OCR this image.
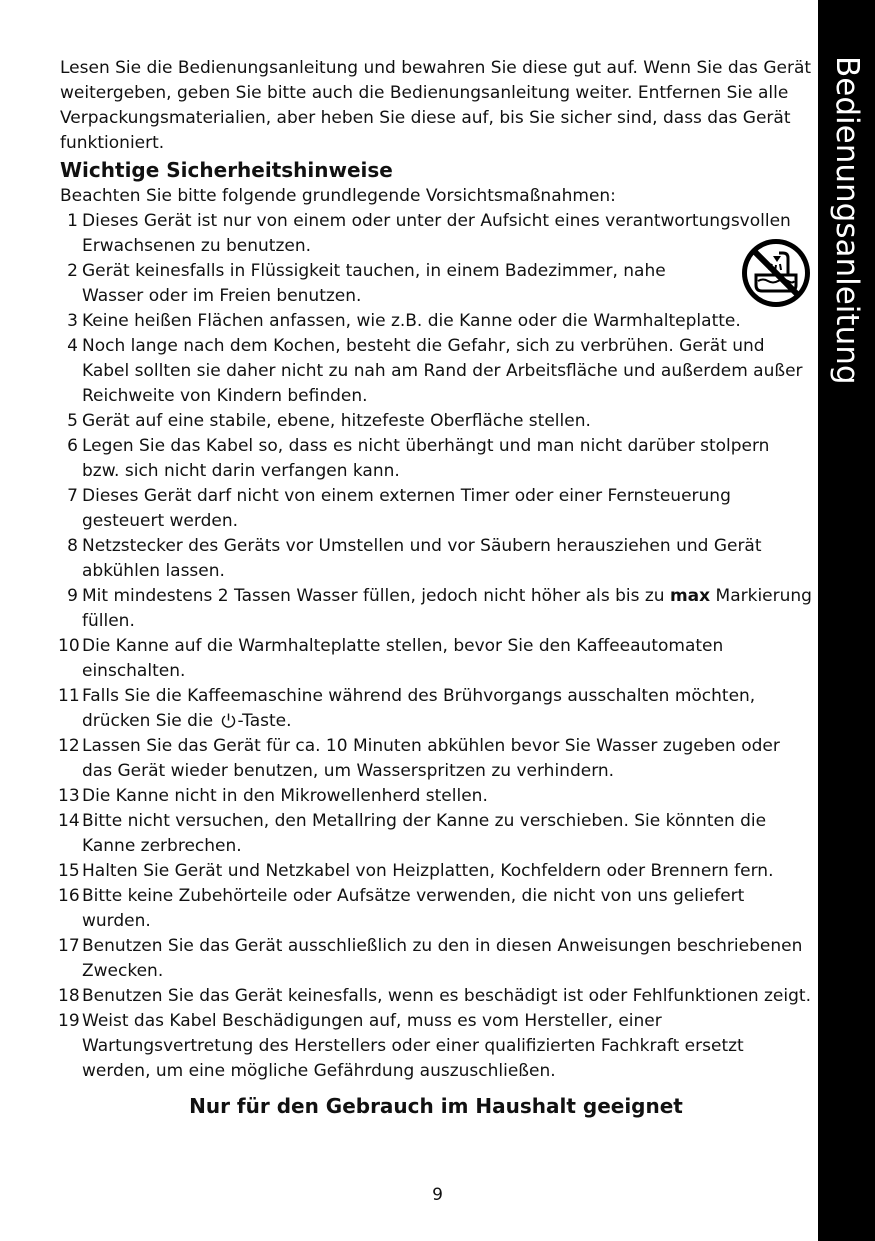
Bedienungsanleitung

Lesen Sie die Bedienungsanleitung und bewahren Sie diese gut auf. Wenn Sie das Gerät weitergeben, geben Sie bitte auch die Bedienungsanleitung weiter. Entfernen Sie alle Verpackungsmaterialien, aber heben Sie diese auf, bis Sie sicher sind, dass das Gerät funktioniert.

Wichtige Sicherheitshinweise

Beachten Sie bitte folgende grundlegende Vorsichtsmaßnahmen:

1 Dieses Gerät ist nur von einem oder unter der Aufsicht eines verantwortungsvollen Erwachsenen zu benutzen.
2 Gerät keinesfalls in Flüssigkeit tauchen, in einem Badezimmer, nahe Wasser oder im Freien benutzen.
3 Keine heißen Flächen anfassen, wie z.B. die Kanne oder die Warmhalteplatte.
4 Noch lange nach dem Kochen, besteht die Gefahr, sich zu verbrühen. Gerät und Kabel sollten sie daher nicht zu nah am Rand der Arbeitsfläche und außerdem außer Reichweite von Kindern befinden.
5 Gerät auf eine stabile, ebene, hitzefeste Oberfläche stellen.
6 Legen Sie das Kabel so, dass es nicht überhängt und man nicht darüber stolpern bzw. sich nicht darin verfangen kann.
7 Dieses Gerät darf nicht von einem externen Timer oder einer Fernsteuerung gesteuert werden.
8 Netzstecker des Geräts vor Umstellen und vor Säubern herausziehen und Gerät abkühlen lassen.
9 Mit mindestens 2 Tassen Wasser füllen, jedoch nicht höher als bis zu max Markierung füllen.
10 Die Kanne auf die Warmhalteplatte stellen, bevor Sie den Kaffeeautomaten einschalten.
11 Falls Sie die Kaffeemaschine während des Brühvorgangs ausschalten möchten, drücken Sie die -Taste.
12 Lassen Sie das Gerät für ca. 10 Minuten abkühlen bevor Sie Wasser zugeben oder das Gerät wieder benutzen, um Wasserspritzen zu verhindern.
13 Die Kanne nicht in den Mikrowellenherd stellen.
14 Bitte nicht versuchen, den Metallring der Kanne zu verschieben. Sie könnten die Kanne zerbrechen.
15 Halten Sie Gerät und Netzkabel von Heizplatten, Kochfeldern oder Brennern fern.
16 Bitte keine Zubehörteile oder Aufsätze verwenden, die nicht von uns geliefert wurden.
17 Benutzen Sie das Gerät ausschließlich zu den in diesen Anweisungen beschriebenen Zwecken.
18 Benutzen Sie das Gerät keinesfalls, wenn es beschädigt ist oder Fehlfunktionen zeigt.
19 Weist das Kabel Beschädigungen auf, muss es vom Hersteller, einer Wartungsvertretung des Herstellers oder einer qualifizierten Fachkraft ersetzt werden, um eine mögliche Gefährdung auszuschließen.

Nur für den Gebrauch im Haushalt geeignet

9
